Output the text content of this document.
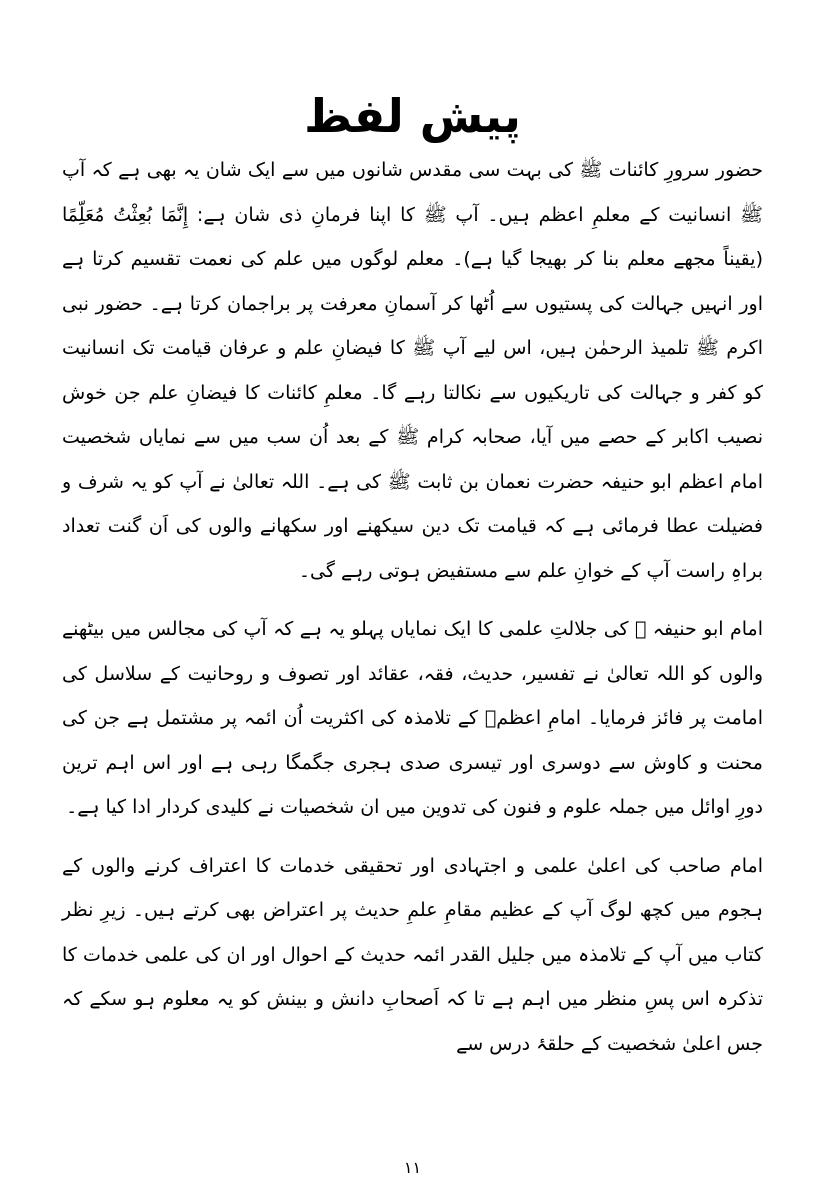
پیش لفظ

حضور سرورِ کائنات ﷺ کی بہت سی مقدس شانوں میں سے ایک شان یہ بھی ہے کہ آپ ﷺ انسانیت کے معلمِ اعظم ہیں۔ آپ ﷺ کا اپنا فرمانِ ذی شان ہے: إِنَّمَا بُعِثْتُ مُعَلِّمًا (یقیناً مجھے معلم بنا کر بھیجا گیا ہے)۔ معلم لوگوں میں علم کی نعمت تقسیم کرتا ہے اور انہیں جہالت کی پستیوں سے اُٹھا کر آسمانِ معرفت پر براجمان کرتا ہے۔ حضور نبی اکرم ﷺ تلمیذ الرحمٰن ہیں، اس لیے آپ ﷺ کا فیضانِ علم و عرفان قیامت تک انسانیت کو کفر و جہالت کی تاریکیوں سے نکالتا رہے گا۔ معلمِ کائنات کا فیضانِ علم جن خوش نصیب اکابر کے حصے میں آیا، صحابہ کرام ﷺ کے بعد اُن سب میں سے نمایاں شخصیت امام اعظم ابو حنیفہ حضرت نعمان بن ثابت ﷺ کی ہے۔ اللہ تعالیٰ نے آپ کو یہ شرف و فضیلت عطا فرمائی ہے کہ قیامت تک دین سیکھنے اور سکھانے والوں کی اَن گنت تعداد براہِ راست آپ کے خوانِ علم سے مستفیض ہوتی رہے گی۔

امام ابو حنیفہ ﷺ کی جلالتِ علمی کا ایک نمایاں پہلو یہ ہے کہ آپ کی مجالس میں بیٹھنے والوں کو اللہ تعالیٰ نے تفسیر، حدیث، فقہ، عقائد اور تصوف و روحانیت کے سلاسل کی امامت پر فائز فرمایا۔ امامِ اعظمؒ کے تلامذہ کی اکثریت اُن ائمہ پر مشتمل ہے جن کی محنت و کاوش سے دوسری اور تیسری صدی ہجری جگمگا رہی ہے اور اس اہم ترین دورِ اوائل میں جملہ علوم و فنون کی تدوین میں ان شخصیات نے کلیدی کردار ادا کیا ہے۔

امام صاحب کی اعلیٰ علمی و اجتہادی اور تحقیقی خدمات کا اعتراف کرنے والوں کے ہجوم میں کچھ لوگ آپ کے عظیم مقامِ علمِ حدیث پر اعتراض بھی کرتے ہیں۔ زیرِ نظر کتاب میں آپ کے تلامذہ میں جلیل القدر ائمہ حدیث کے احوال اور ان کی علمی خدمات کا تذکرہ اس پسِ منظر میں اہم ہے تا کہ اَصحابِ دانش و بینش کو یہ معلوم ہو سکے کہ جس اعلیٰ شخصیت کے حلقۂ درس سے

۱۱
